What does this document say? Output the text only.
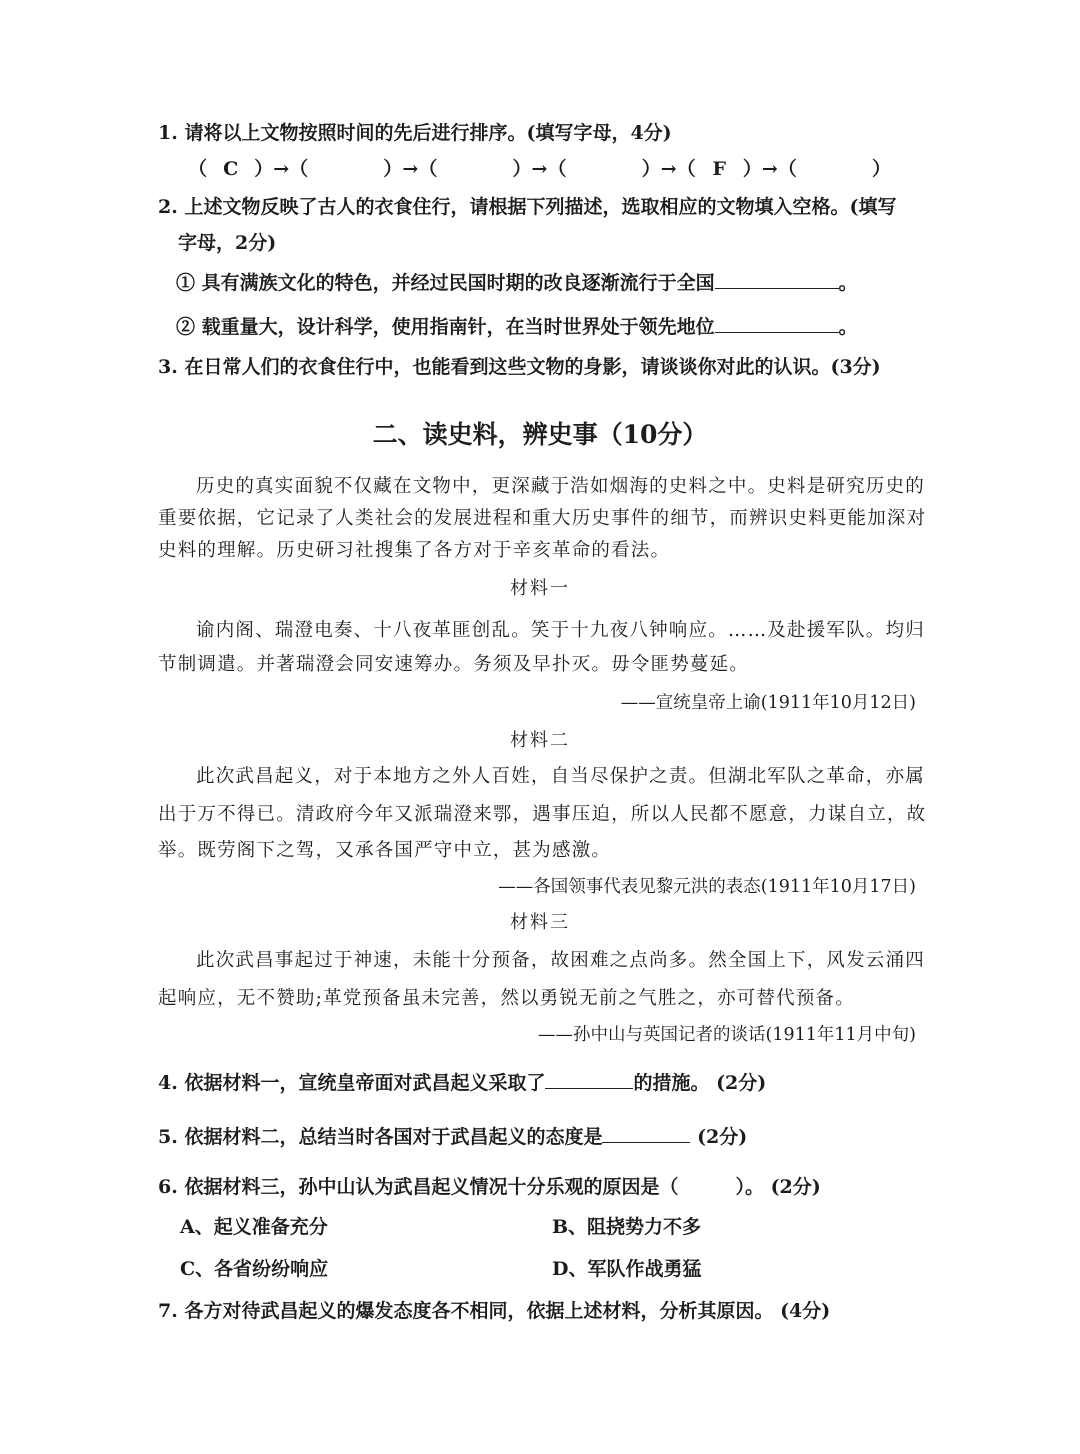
1. 请将以上文物按照时间的先后进行排序。(填写字母，4分)
（ C ）→（	）→（	）→（	）→（ F ）→（	）
2. 上述文物反映了古人的衣食住行，请根据下列描述，选取相应的文物填入空格。(填写
字母，2分)
① 具有满族文化的特色，并经过民国时期的改良逐渐流行于全国	。
② 载重量大，设计科学，使用指南针，在当时世界处于领先地位	。
3. 在日常人们的衣食住行中，也能看到这些文物的身影，请谈谈你对此的认识。(3分)
二、读史料，辨史事（10分）
历史的真实面貌不仅藏在文物中，更深藏于浩如烟海的史料之中。史料是研究历史的
重要依据，它记录了人类社会的发展进程和重大历史事件的细节，而辨识史料更能加深对
史料的理解。历史研习社搜集了各方对于辛亥革命的看法。
材料一
谕内阁、瑞澄电奏、十八夜革匪创乱。笑于十九夜八钟响应。……及赴援军队。均归
节制调遣。并著瑞澄会同安速筹办。务须及早扑灭。毋令匪势蔓延。
——宣统皇帝上谕(1911年10月12日)
材料二
此次武昌起义，对于本地方之外人百姓，自当尽保护之责。但湖北军队之革命，亦属
出于万不得已。清政府今年又派瑞澄来鄂，遇事压迫，所以人民都不愿意，力谋自立，故
举。既劳阁下之驾，又承各国严守中立，甚为感激。
——各国领事代表见黎元洪的表态(1911年10月17日)
材料三
此次武昌事起过于神速，未能十分预备，故困难之点尚多。然全国上下，风发云涌四
起响应，无不赞助;革党预备虽未完善，然以勇锐无前之气胜之，亦可替代预备。
——孙中山与英国记者的谈话(1911年11月中旬)
4. 依据材料一，宣统皇帝面对武昌起义采取了	的措施。 (2分)
5. 依据材料二，总结当时各国对于武昌起义的态度是	(2分)
6. 依据材料三，孙中山认为武昌起义情况十分乐观的原因是（　　　）。 (2分)
A、起义准备充分	B、阻挠势力不多
C、各省纷纷响应	D、军队作战勇猛
7. 各方对待武昌起义的爆发态度各不相同，依据上述材料，分析其原因。 (4分)
